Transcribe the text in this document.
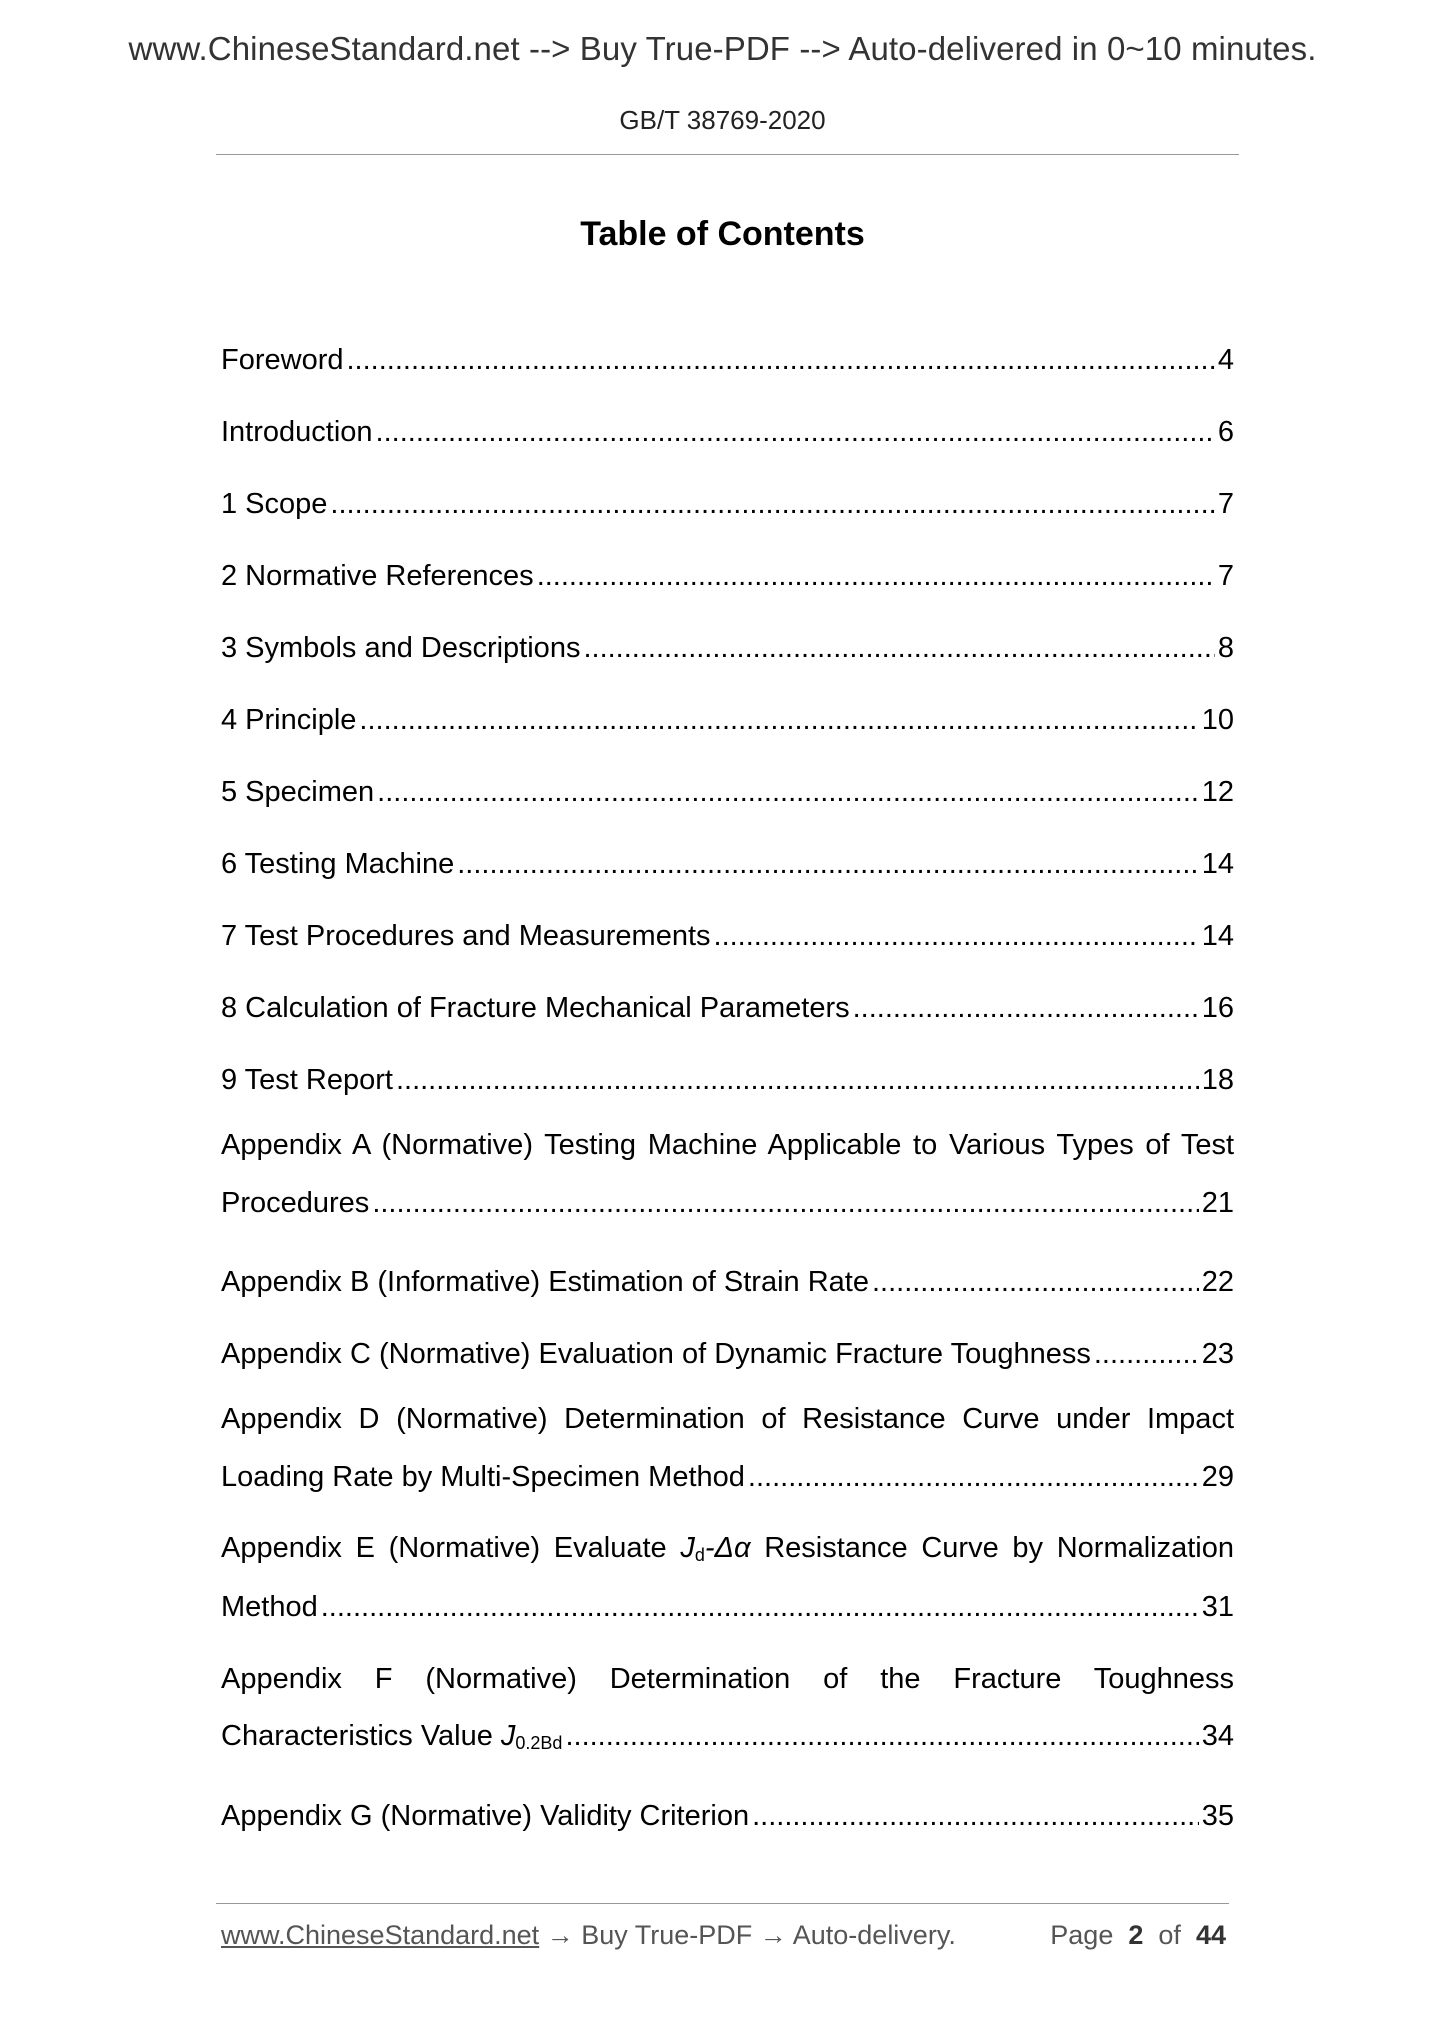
www.ChineseStandard.net --> Buy True-PDF --> Auto-delivered in 0~10 minutes.
GB/T 38769-2020
Table of Contents
Foreword .....	4
Introduction .....	6
1 Scope .....	7
2 Normative References .....	7
3 Symbols and Descriptions .....	8
4 Principle .....	10
5 Specimen .....	12
6 Testing Machine .....	14
7 Test Procedures and Measurements .....	14
8 Calculation of Fracture Mechanical Parameters .....	16
9 Test Report .....	18
Appendix A (Normative) Testing Machine Applicable to Various Types of Test
Procedures .....	21
Appendix B (Informative) Estimation of Strain Rate .....	22
Appendix C (Normative) Evaluation of Dynamic Fracture Toughness .....	23
Appendix D (Normative) Determination of Resistance Curve under Impact
Loading Rate by Multi-Specimen Method .....	29
Appendix E (Normative) Evaluate $J_d-\Delta\alpha$ Resistance Curve by Normalization
Method .....	31
Appendix F (Normative) Determination of the Fracture Toughness
Characteristics Value $J_{0.2Bd}$ .....	34
Appendix G (Normative) Validity Criterion .....	35
www.ChineseStandard.net → Buy True-PDF → Auto-delivery.	Page 2 of 44
